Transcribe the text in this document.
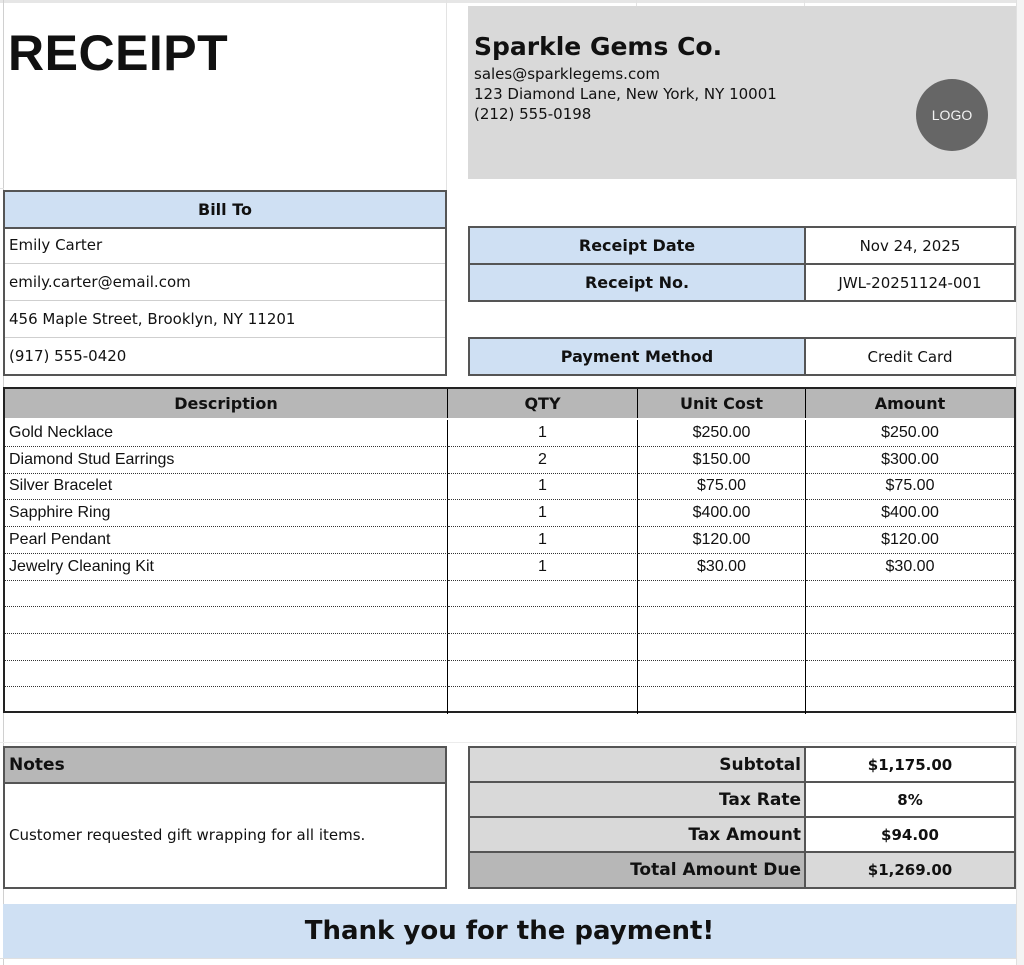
RECEIPT	Sparkle Gems Co.
sales@sparklegems.com
123 Diamond Lane, New York, NY 10001
(212) 555-0198	LOGO
Bill To
Emily Carter
emily.carter@email.com
456 Maple Street, Brooklyn, NY 11201
(917) 555-0420
Receipt Date	Nov 24, 2025
Receipt No.	JWL-20251124-001
Payment Method	Credit Card
Description	QTY	Unit Cost	Amount
Gold Necklace	1	$250.00	$250.00
Diamond Stud Earrings	2	$150.00	$300.00
Silver Bracelet	1	$75.00	$75.00
Sapphire Ring	1	$400.00	$400.00
Pearl Pendant	1	$120.00	$120.00
Jewelry Cleaning Kit	1	$30.00	$30.00
Notes
Customer requested gift wrapping for all items.
Subtotal	$1,175.00
Tax Rate	8%
Tax Amount	$94.00
Total Amount Due	$1,269.00
Thank you for the payment!
